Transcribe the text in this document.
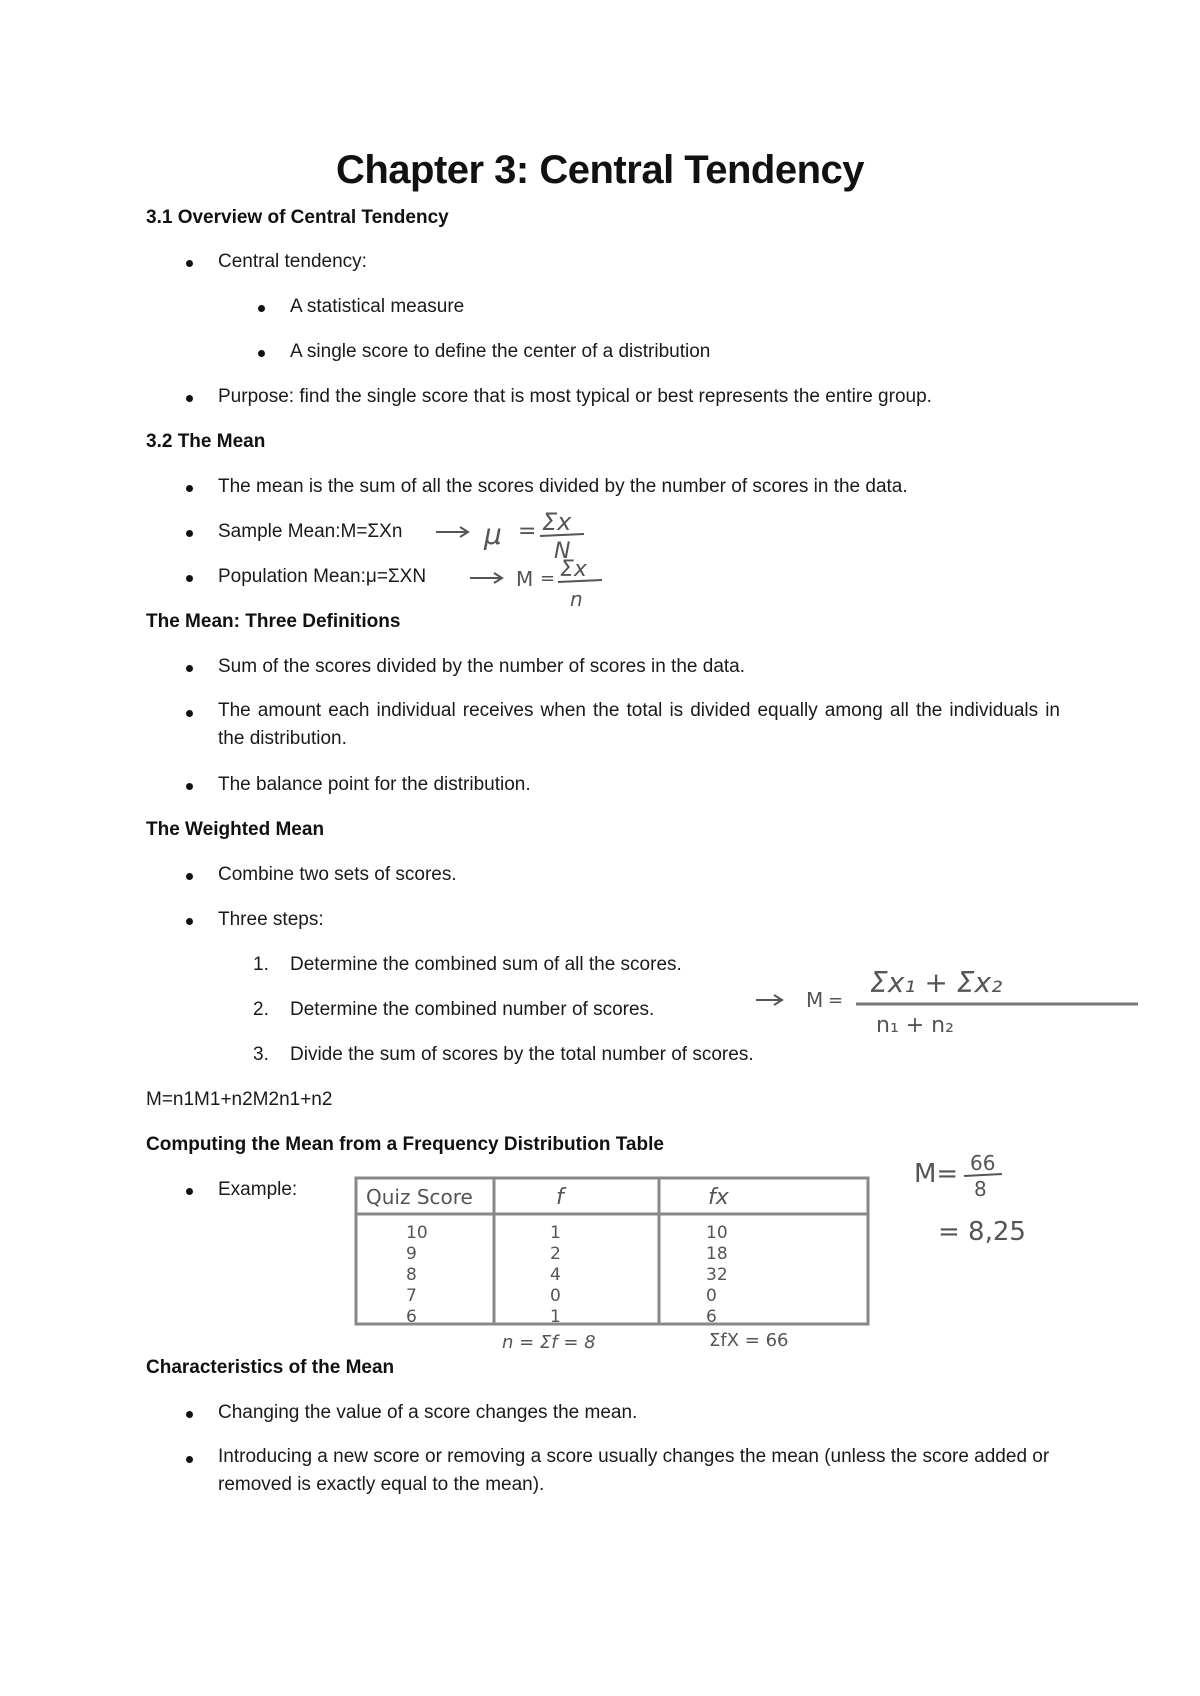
Chapter 3: Central Tendency
3.1 Overview of Central Tendency
Central tendency:
A statistical measure
A single score to define the center of a distribution
Purpose: find the single score that is most typical or best represents the entire group.
3.2 The Mean
The mean is the sum of all the scores divided by the number of scores in the data.
Sample Mean:M=ΣXn
Population Mean:μ=ΣXN
μ = Σx
N
M = Σx
n
The Mean: Three Definitions
Sum of the scores divided by the number of scores in the data.
The amount each individual receives when the total is divided equally among all the individuals in the distribution.
The balance point for the distribution.
The Weighted Mean
Combine two sets of scores.
Three steps:
1. Determine the combined sum of all the scores.
2. Determine the combined number of scores.
3. Divide the sum of scores by the total number of scores.
M=n1M1+n2M2n1+n2
M =
Σx₁ + Σx₂
n₁ + n₂
Computing the Mean from a Frequency Distribution Table
Example:	Quiz Score	f	fx
10	1	10
9	2	18
8	4	32
7	0	0
6	1	6
n = Σf = 8	ΣfX = 66
M= 66
8
= 8,25
Characteristics of the Mean
Changing the value of a score changes the mean.
Introducing a new score or removing a score usually changes the mean (unless the score added or removed is exactly equal to the mean).
